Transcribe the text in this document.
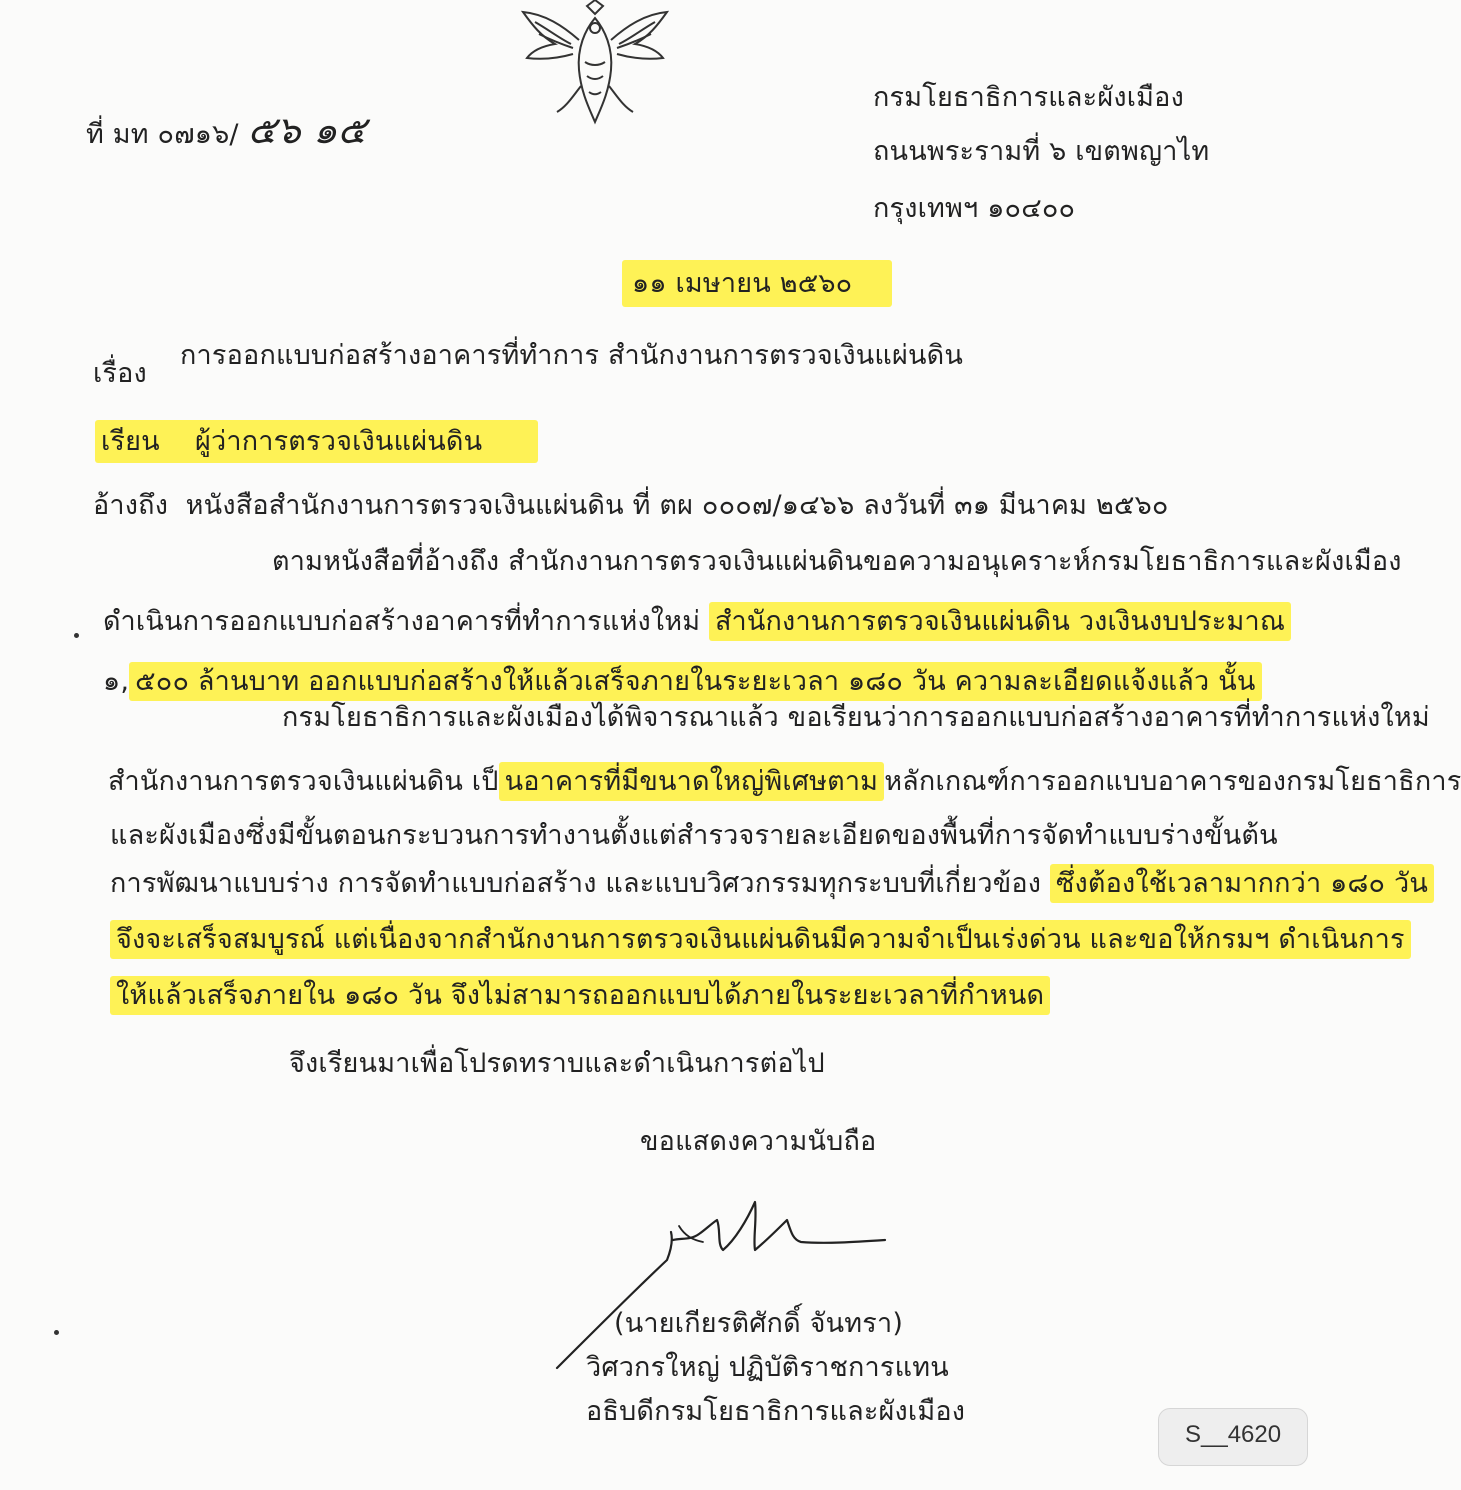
ที่ มท ๐๗๑๖/ ๕๖ ๑๕
กรมโยธาธิการและผังเมือง
ถนนพระรามที่ ๖ เขตพญาไท
กรุงเทพฯ ๑๐๔๐๐
๑๑ เมษายน ๒๕๖๐
เรื่อง
การออกแบบก่อสร้างอาคารที่ทำการ สำนักงานการตรวจเงินแผ่นดิน
เรียน ผู้ว่าการตรวจเงินแผ่นดิน
อ้างถึง หนังสือสำนักงานการตรวจเงินแผ่นดิน ที่ ตผ ๐๐๐๗/๑๔๖๖ ลงวันที่ ๓๑ มีนาคม ๒๕๖๐
ตามหนังสือที่อ้างถึง สำนักงานการตรวจเงินแผ่นดินขอความอนุเคราะห์กรมโยธาธิการและผังเมือง
ดำเนินการออกแบบก่อสร้างอาคารที่ทำการแห่งใหม่ สำนักงานการตรวจเงินแผ่นดิน วงเงินงบประมาณ
๑, ๕๐๐ ล้านบาท ออกแบบก่อสร้างให้แล้วเสร็จภายในระยะเวลา ๑๘๐ วัน ความละเอียดแจ้งแล้ว นั้น
กรมโยธาธิการและผังเมืองได้พิจารณาแล้ว ขอเรียนว่าการออกแบบก่อสร้างอาคารที่ทำการแห่งใหม่
สำนักงานการตรวจเงินแผ่นดิน เป็ นอาคารที่มีขนาดใหญ่พิเศษตาม หลักเกณฑ์การออกแบบอาคารของกรมโยธาธิการ
และผังเมืองซึ่งมีขั้นตอนกระบวนการทำงานตั้งแต่สำรวจรายละเอียดของพื้นที่การจัดทำแบบร่างขั้นต้น
การพัฒนาแบบร่าง การจัดทำแบบก่อสร้าง และแบบวิศวกรรมทุกระบบที่เกี่ยวข้อง ซึ่งต้องใช้เวลามากกว่า ๑๘๐ วัน
จึงจะเสร็จสมบูรณ์ แต่เนื่องจากสำนักงานการตรวจเงินแผ่นดินมีความจำเป็นเร่งด่วน และขอให้กรมฯ ดำเนินการ
ให้แล้วเสร็จภายใน ๑๘๐ วัน จึงไม่สามารถออกแบบได้ภายในระยะเวลาที่กำหนด
จึงเรียนมาเพื่อโปรดทราบและดำเนินการต่อไป
ขอแสดงความนับถือ
(นายเกียรติศักดิ์ จันทรา)
วิศวกรใหญ่ ปฏิบัติราชการแทน
อธิบดีกรมโยธาธิการและผังเมือง
S__4620
